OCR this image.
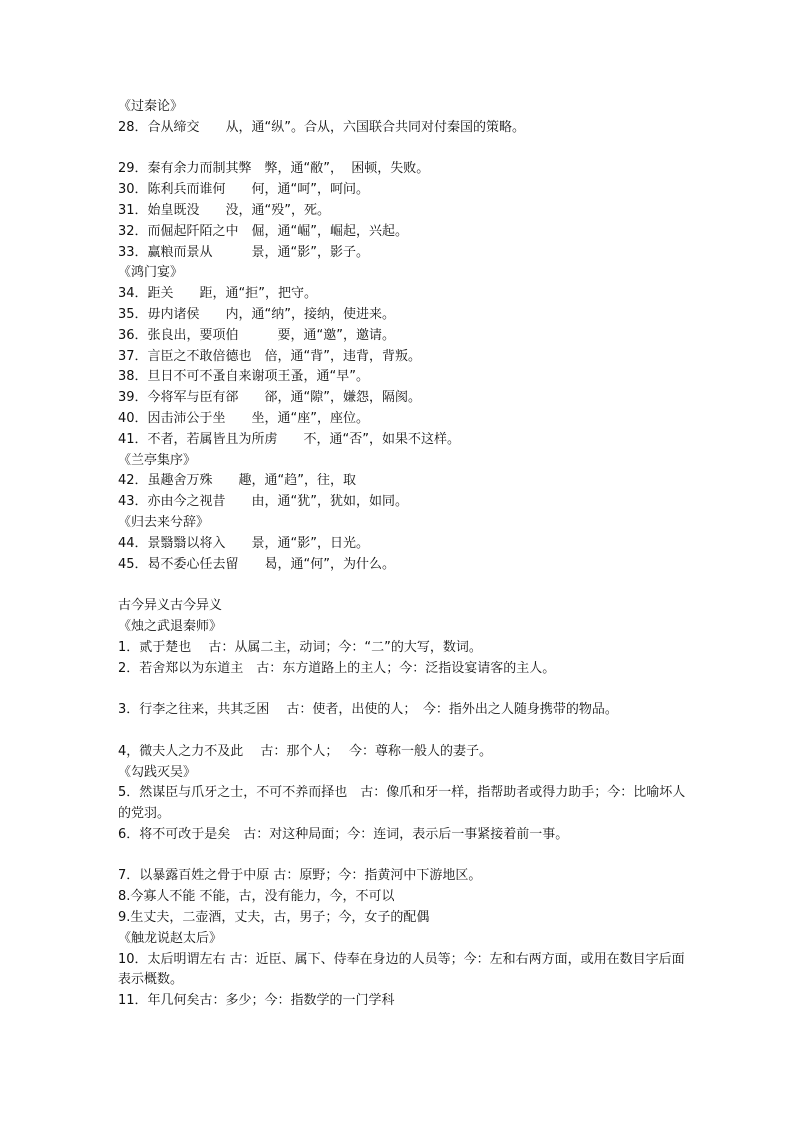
《过秦论》

28．合从缔交　　从，通“纵”。合从，六国联合共同对付秦国的策略。

29．秦有余力而制其弊　弊，通“敝”，  困顿，失败。

30．陈利兵而谁何　　何，通“呵”，呵问。

31．始皇既没　　没，通“殁”，死。

32．而倔起阡陌之中　倔，通“崛”，崛起，兴起。

33．赢粮而景从　　　景，通“影”，影子。

《鸿门宴》

34．距关　　距，通“拒”，把守。

35．毋内诸侯　　内，通“纳”，接纳，使进来。

36．张良出，要项伯　　　要，通“邀”，邀请。

37．言臣之不敢倍德也　倍，通“背”，违背，背叛。

38．旦日不可不蚤自来谢项王蚤，通“早”。

39．今将军与臣有郤　　郤，通“隙”，嫌怨，隔阂。

40．因击沛公于坐　　坐，通“座”，座位。

41．不者，若属皆且为所虏　　不，通“否”，如果不这样。

《兰亭集序》

42．虽趣舍万殊　　趣，通“趋”，往，取

43．亦由今之视昔　　由，通“犹”，犹如，如同。

《归去来兮辞》

44．景翳翳以将入　　景，通“影”，日光。

45．曷不委心任去留　　曷，通“何”，为什么。

古今异义古今异义

《烛之武退秦师》

1．贰于楚也　 古：从属二主，动词；今：“二”的大写，数词。

2．若舍郑以为东道主　古：东方道路上的主人；今：泛指设宴请客的主人。

3．行李之往来，共其乏困　 古：使者，出使的人；　今：指外出之人随身携带的物品。

4，微夫人之力不及此　 古：那个人；　 今：尊称一般人的妻子。

《勾践灭吴》

5．然谋臣与爪牙之士，不可不养而择也　古：像爪和牙一样，指帮助者或得力助手；今：比喻坏人的党羽。

6．将不可改于是矣　古：对这种局面；今：连词，表示后一事紧接着前一事。

7．以暴露百姓之骨于中原 古：原野；今：指黄河中下游地区。

8.今寡人不能 不能，古，没有能力，今，不可以

9.生丈夫，二壶酒，丈夫，古，男子；今，女子的配偶

《触龙说赵太后》

10．太后明谓左右 古：近臣、属下、侍奉在身边的人员等；今：左和右两方面，或用在数目字后面表示概数。

11．年几何矣古：多少；今：指数学的一门学科
